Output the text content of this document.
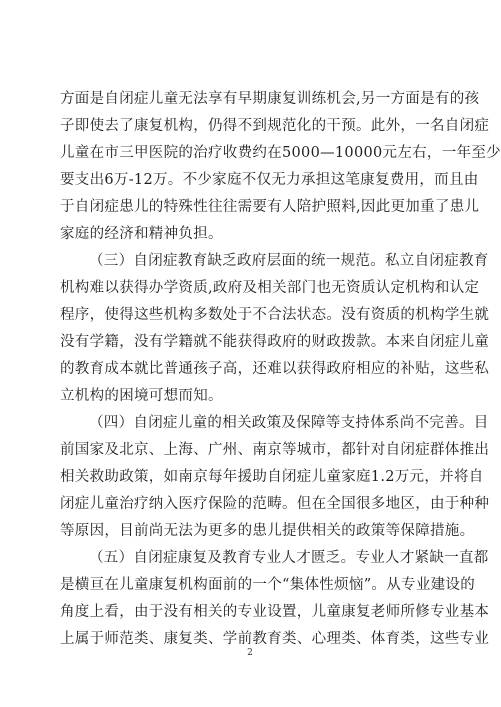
方面是自闭症儿童无法享有早期康复训练机会,另一方面是有的孩
子即使去了康复机构，仍得不到规范化的干预。此外，一名自闭症
儿童在市三甲医院的治疗收费约在5000—10000元左右，一年至少
要支出6万-12万。不少家庭不仅无力承担这笔康复费用，而且由
于自闭症患儿的特殊性往往需要有人陪护照料,因此更加重了患儿
家庭的经济和精神负担。
（三）自闭症教育缺乏政府层面的统一规范。私立自闭症教育
机构难以获得办学资质,政府及相关部门也无资质认定机构和认定
程序，使得这些机构多数处于不合法状态。没有资质的机构学生就
没有学籍，没有学籍就不能获得政府的财政拨款。本来自闭症儿童
的教育成本就比普通孩子高，还难以获得政府相应的补贴，这些私
立机构的困境可想而知。
（四）自闭症儿童的相关政策及保障等支持体系尚不完善。目
前国家及北京、上海、广州、南京等城市，都针对自闭症群体推出
相关救助政策，如南京每年援助自闭症儿童家庭1.2万元，并将自
闭症儿童治疗纳入医疗保险的范畴。但在全国很多地区，由于种种
等原因，目前尚无法为更多的患儿提供相关的政策等保障措施。
（五）自闭症康复及教育专业人才匮乏。专业人才紧缺一直都
是横亘在儿童康复机构面前的一个“集体性烦恼”。从专业建设的
角度上看，由于没有相关的专业设置，儿童康复老师所修专业基本
上属于师范类、康复类、学前教育类、心理类、体育类，这些专业
2
